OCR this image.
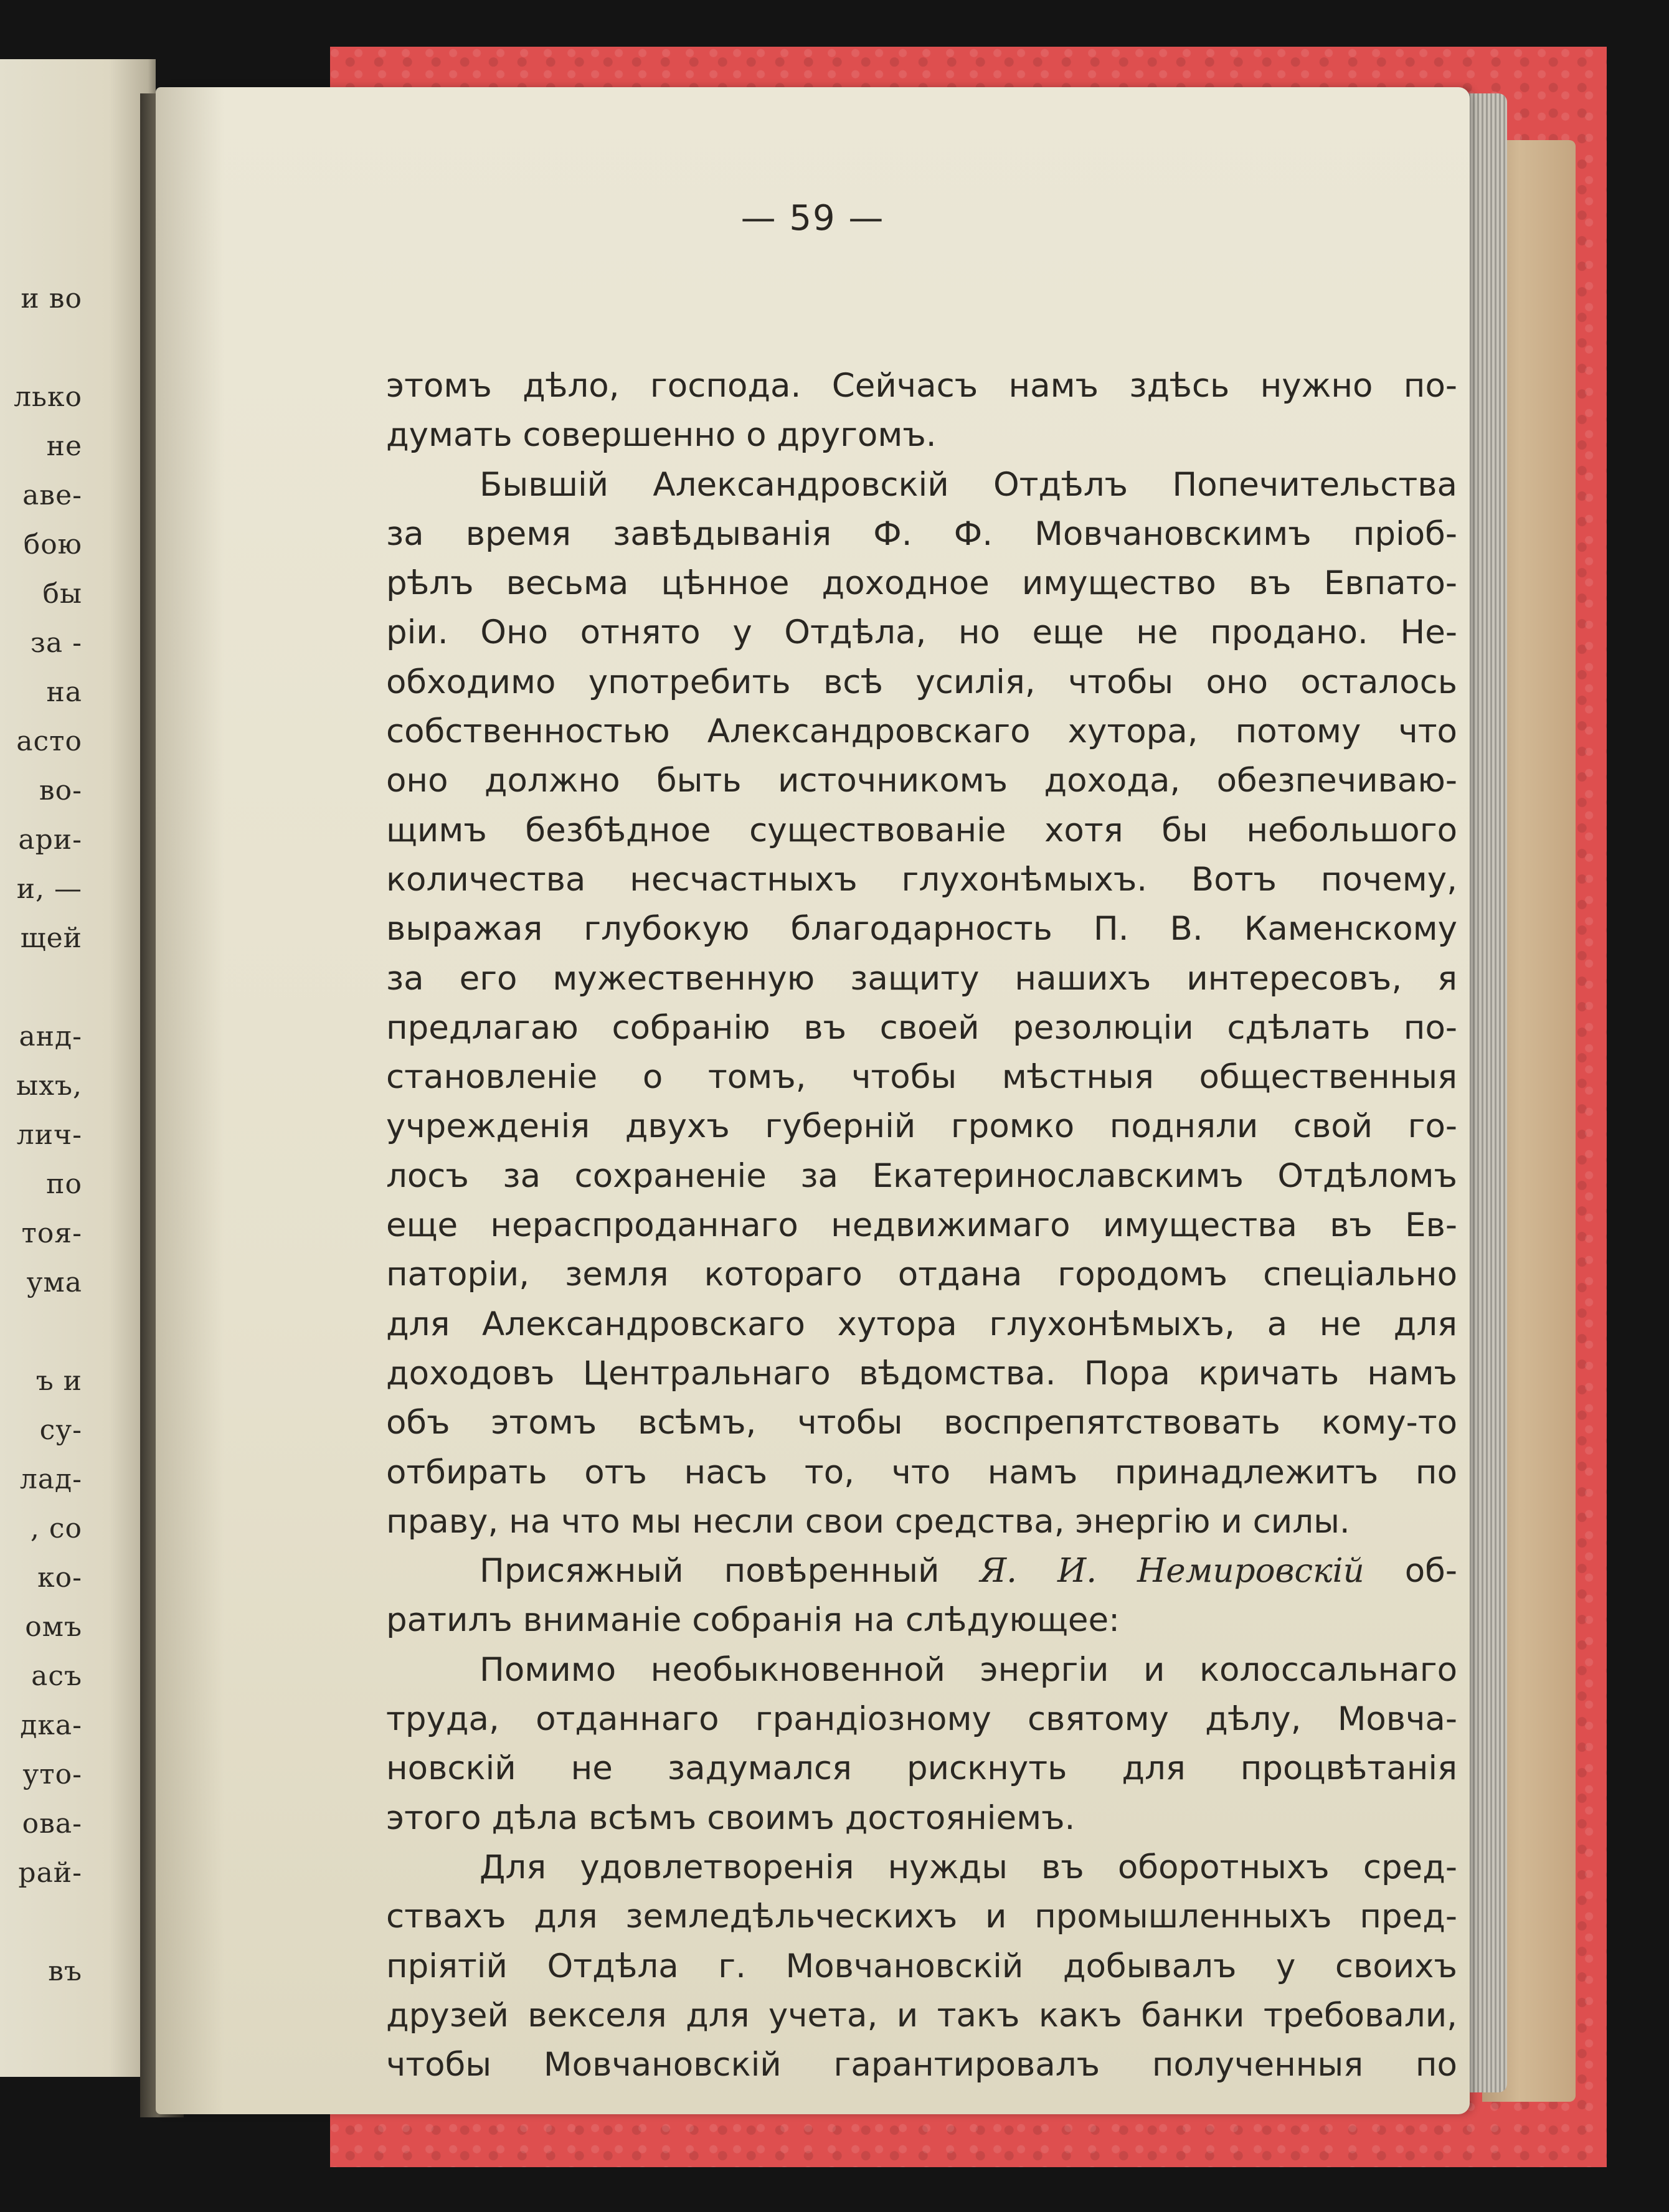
и во
лько
не
аве-
бою
бы
за -
на
асто
во-
ари-
и, —
щей
анд-
ыхъ,
лич-
по
тоя-
ума
ъ и
су-
лад-
, со
ко-
омъ
асъ
дка-
уто-
ова-
рай-
въ
— 59 —
этомъ дѣло, господа. Сейчасъ намъ здѣсь нужно по-
думать совершенно о другомъ.
Бывшiй Александровскiй Отдѣлъ Попечительства
за время завѣдыванiя Ф. Ф. Мовчановскимъ прiоб-
рѣлъ весьма цѣнное доходное имущество въ Евпато-
рiи. Оно отнято у Отдѣла, но еще не продано. Не-
обходимо употребить всѣ усилiя, чтобы оно осталось
собственностью Александровскаго хутора, потому что
оно должно быть источникомъ дохода, обезпечиваю-
щимъ безбѣдное существованiе хотя бы небольшого
количества несчастныхъ глухонѣмыхъ. Вотъ почему,
выражая глубокую благодарность П. В. Каменскому
за его мужественную защиту нашихъ интересовъ, я
предлагаю собранiю въ своей резолюцiи сдѣлать по-
становленiе о томъ, чтобы мѣстныя общественныя
учрежденiя двухъ губернiй громко подняли свой го-
лосъ за сохраненiе за Екатеринославскимъ Отдѣломъ
еще нераспроданнаго недвижимаго имущества въ Ев-
паторiи, земля котораго отдана городомъ спецiально
для Александровскаго хутора глухонѣмыхъ, а не для
доходовъ Центральнаго вѣдомства. Пора кричать намъ
объ этомъ всѣмъ, чтобы воспрепятствовать кому-то
отбирать отъ насъ то, что намъ принадлежитъ по
праву, на что мы несли свои средства, энергiю и силы.
Присяжный повѣренный Я. И. Немировскiй об-
ратилъ вниманiе собранiя на слѣдующее:
Помимо необыкновенной энергiи и колоссальнаго
труда, отданнаго грандiозному святому дѣлу, Мовча-
новскiй не задумался рискнуть для процвѣтанiя
этого дѣла всѣмъ своимъ достоянiемъ.
Для удовлетворенiя нужды въ оборотныхъ сред-
ствахъ для земледѣльческихъ и промышленныхъ пред-
прiятiй Отдѣла г. Мовчановскiй добывалъ у своихъ
друзей векселя для учета, и такъ какъ банки требовали,
чтобы Мовчановскiй гарантировалъ полученныя по
